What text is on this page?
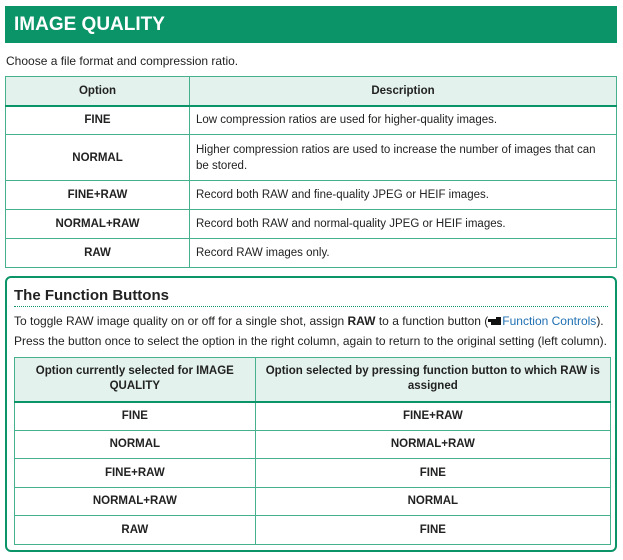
IMAGE QUALITY
Choose a file format and compression ratio.
Option	Description
FINE	Low compression ratios are used for higher-quality images.
NORMAL	Higher compression ratios are used to increase the number of images that can be stored.
FINE+RAW	Record both RAW and fine-quality JPEG or HEIF images.
NORMAL+RAW	Record both RAW and normal-quality JPEG or HEIF images.
RAW	Record RAW images only.
The Function Buttons
To toggle RAW image quality on or off for a single shot, assign RAW to a function button ( Function Controls).
Press the button once to select the option in the right column, again to return to the original setting (left column).
Option currently selected for IMAGE QUALITY	Option selected by pressing function button to which RAW is assigned
FINE	FINE+RAW
NORMAL	NORMAL+RAW
FINE+RAW	FINE
NORMAL+RAW	NORMAL
RAW	FINE
